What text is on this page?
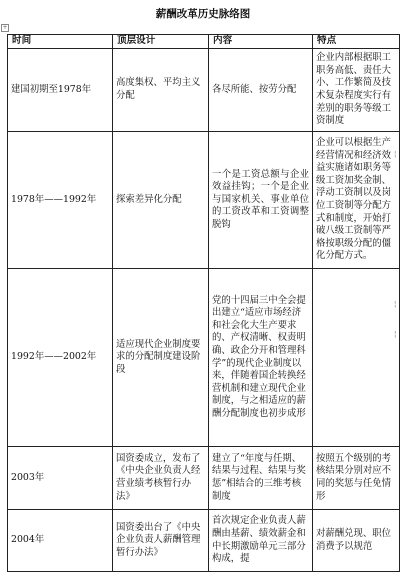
薪酬改革历史脉络图
+
¦
¦
¦
时间	顶层设计	内容	特点
建国初期至1978年	高度集权、平均主义分配	各尽所能、按劳分配	企业内部根据职工职务高低、责任大小、工作繁简及技术复杂程度实行有差别的职务等级工资制度
1978年——1992年	探索差异化分配	一个是工资总额与企业效益挂钩；一个是企业与国家机关、事业单位的工资改革和工资调整脱钩	企业可以根据生产经营情况和经济效益实施诸如职务等级工资加奖金制、浮动工资制以及岗位工资制等分配方式和制度，开始打破八级工资制等严格按职级分配的僵化分配方式。
1992年——2002年	适应现代企业制度要求的分配制度建设阶段	党的十四届三中全会提出建立“适应市场经济和社会化大生产要求的、产权清晰、权责明确、政企分开和管理科学”的现代企业制度以来，伴随着国企转换经营机制和建立现代企业制度，与之相适应的薪酬分配制度也初步成形	
2003年	国资委成立，发布了《中央企业负责人经营业绩考核暂行办法》	建立了“年度与任期、结果与过程、结果与奖惩”相结合的三维考核制度	按照五个级别的考核结果分别对应不同的奖惩与任免情形
2004年	国资委出台了《中央企业负责人薪酬管理暂行办法》	首次规定企业负责人薪酬由基薪、绩效薪金和中长期激励单元三部分构成，提	对薪酬兑现、职位消费予以规范
